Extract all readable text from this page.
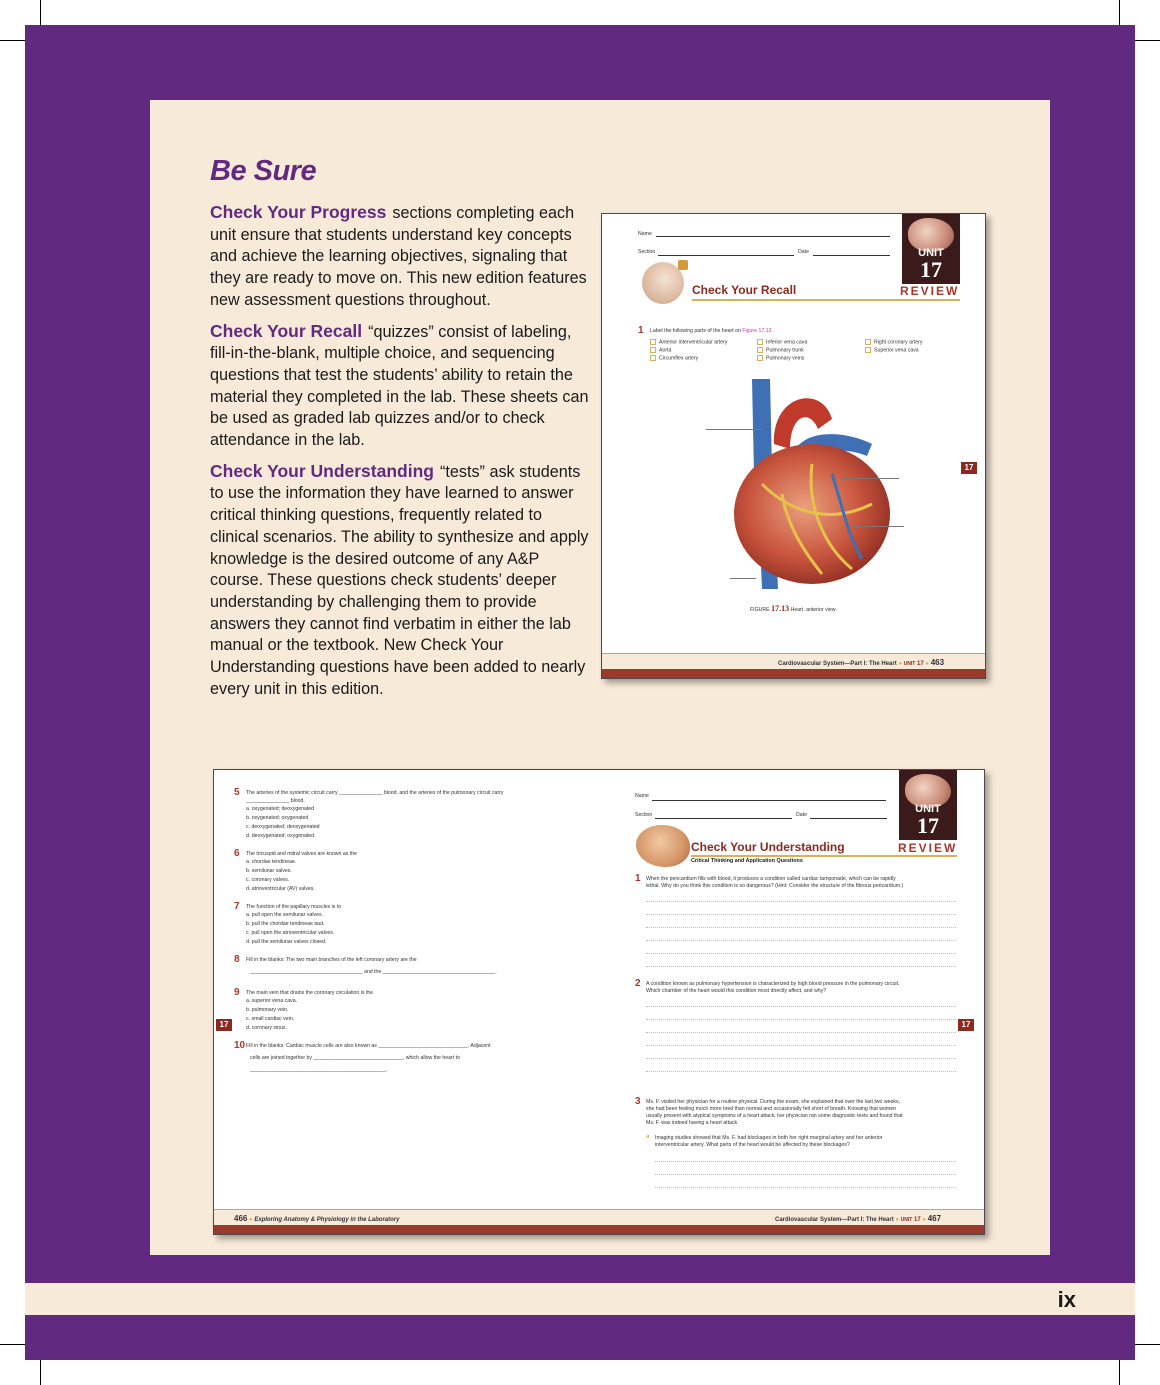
ix
Be Sure

Check Your Progress sections completing each unit ensure that students understand key concepts and achieve the learning objectives, signaling that they are ready to move on. This new edition features new assessment questions throughout.

Check Your Recall “quizzes” consist of labeling, fill-in-the-blank, multiple choice, and sequencing questions that test the students’ ability to retain the material they completed in the lab. These sheets can be used as graded lab quizzes and/or to check attendance in the lab.

Check Your Understanding “tests” ask students to use the information they have learned to answer critical thinking questions, frequently related to clinical scenarios. The ability to synthesize and apply knowledge is the desired outcome of any A&P course. These questions check students’ deeper understanding by challenging them to provide answers they cannot find verbatim in either the lab manual or the textbook. New Check Your Understanding questions have been added to nearly every unit in this edition.

Name
Section	Date	UNIT
17
Check Your Recall	REVIEW
1 Label the following parts of the heart on Figure 17.13.
Anterior interventricular artery
Aorta
Circumflex artery
Inferior vena cava
Pulmonary trunk
Pulmonary veins
Right coronary artery
Superior vena cava
FIGURE 17.13 Heart, anterior view.
Cardiovascular System—Part I: The Heart ● UNIT 17 ● 463
17
5 The arteries of the systemic circuit carry _______________ blood, and the arteries of the pulmonary circuit carry
_______________ blood.
a. oxygenated; deoxygenated
b. oxygenated; oxygenated
c. deoxygenated; deoxygenated
d. deoxygenated; oxygenated
6 The tricuspid and mitral valves are known as the
a. chordae tendineae.
b. semilunar valves.
c. coronary valves.
d. atrioventricular (AV) valves.
7 The function of the papillary muscles is to
a. pull open the semilunar valves.
b. pull the chordae tendineae taut.
c. pull open the atrioventricular valves.
d. pull the semilunar valves closed.
8 Fill in the blanks: The two main branches of the left coronary artery are the
_______________________________________ and the _______________________________________.
9 The main vein that drains the coronary circulation is the
a. superior vena cava.
b. pulmonary vein.
c. small cardiac vein.
d. coronary sinus.
10 Fill in the blanks: Cardiac muscle cells are also known as _______________________________. Adjacent
cells are joined together by _______________________________, which allow the heart to
_______________________________________________.
Name
Section	Date	UNIT
17
Check Your Understanding	REVIEW
Critical Thinking and Application Questions
1 When the pericardium fills with blood, it produces a condition called cardiac tamponade, which can be rapidly
lethal. Why do you think this condition is so dangerous? (Hint: Consider the structure of the fibrous pericardium.)
2 A condition known as pulmonary hypertension is characterized by high blood pressure in the pulmonary circuit.
Which chamber of the heart would this condition most directly affect, and why?
3 Ms. F. visited her physician for a routine physical. During the exam, she explained that over the last two weeks,
she had been feeling much more tired than normal and occasionally felt short of breath. Knowing that women
usually present with atypical symptoms of a heart attack, her physician ran some diagnostic tests and found that
Ms. F. was indeed having a heart attack.
a Imaging studies showed that Ms. F. had blockages in both her right marginal artery and her anterior
interventricular artery. What parts of the heart would be affected by these blockages?
466 ● Exploring Anatomy & Physiology in the Laboratory	Cardiovascular System—Part I: The Heart ● UNIT 17 ● 467
17	17
